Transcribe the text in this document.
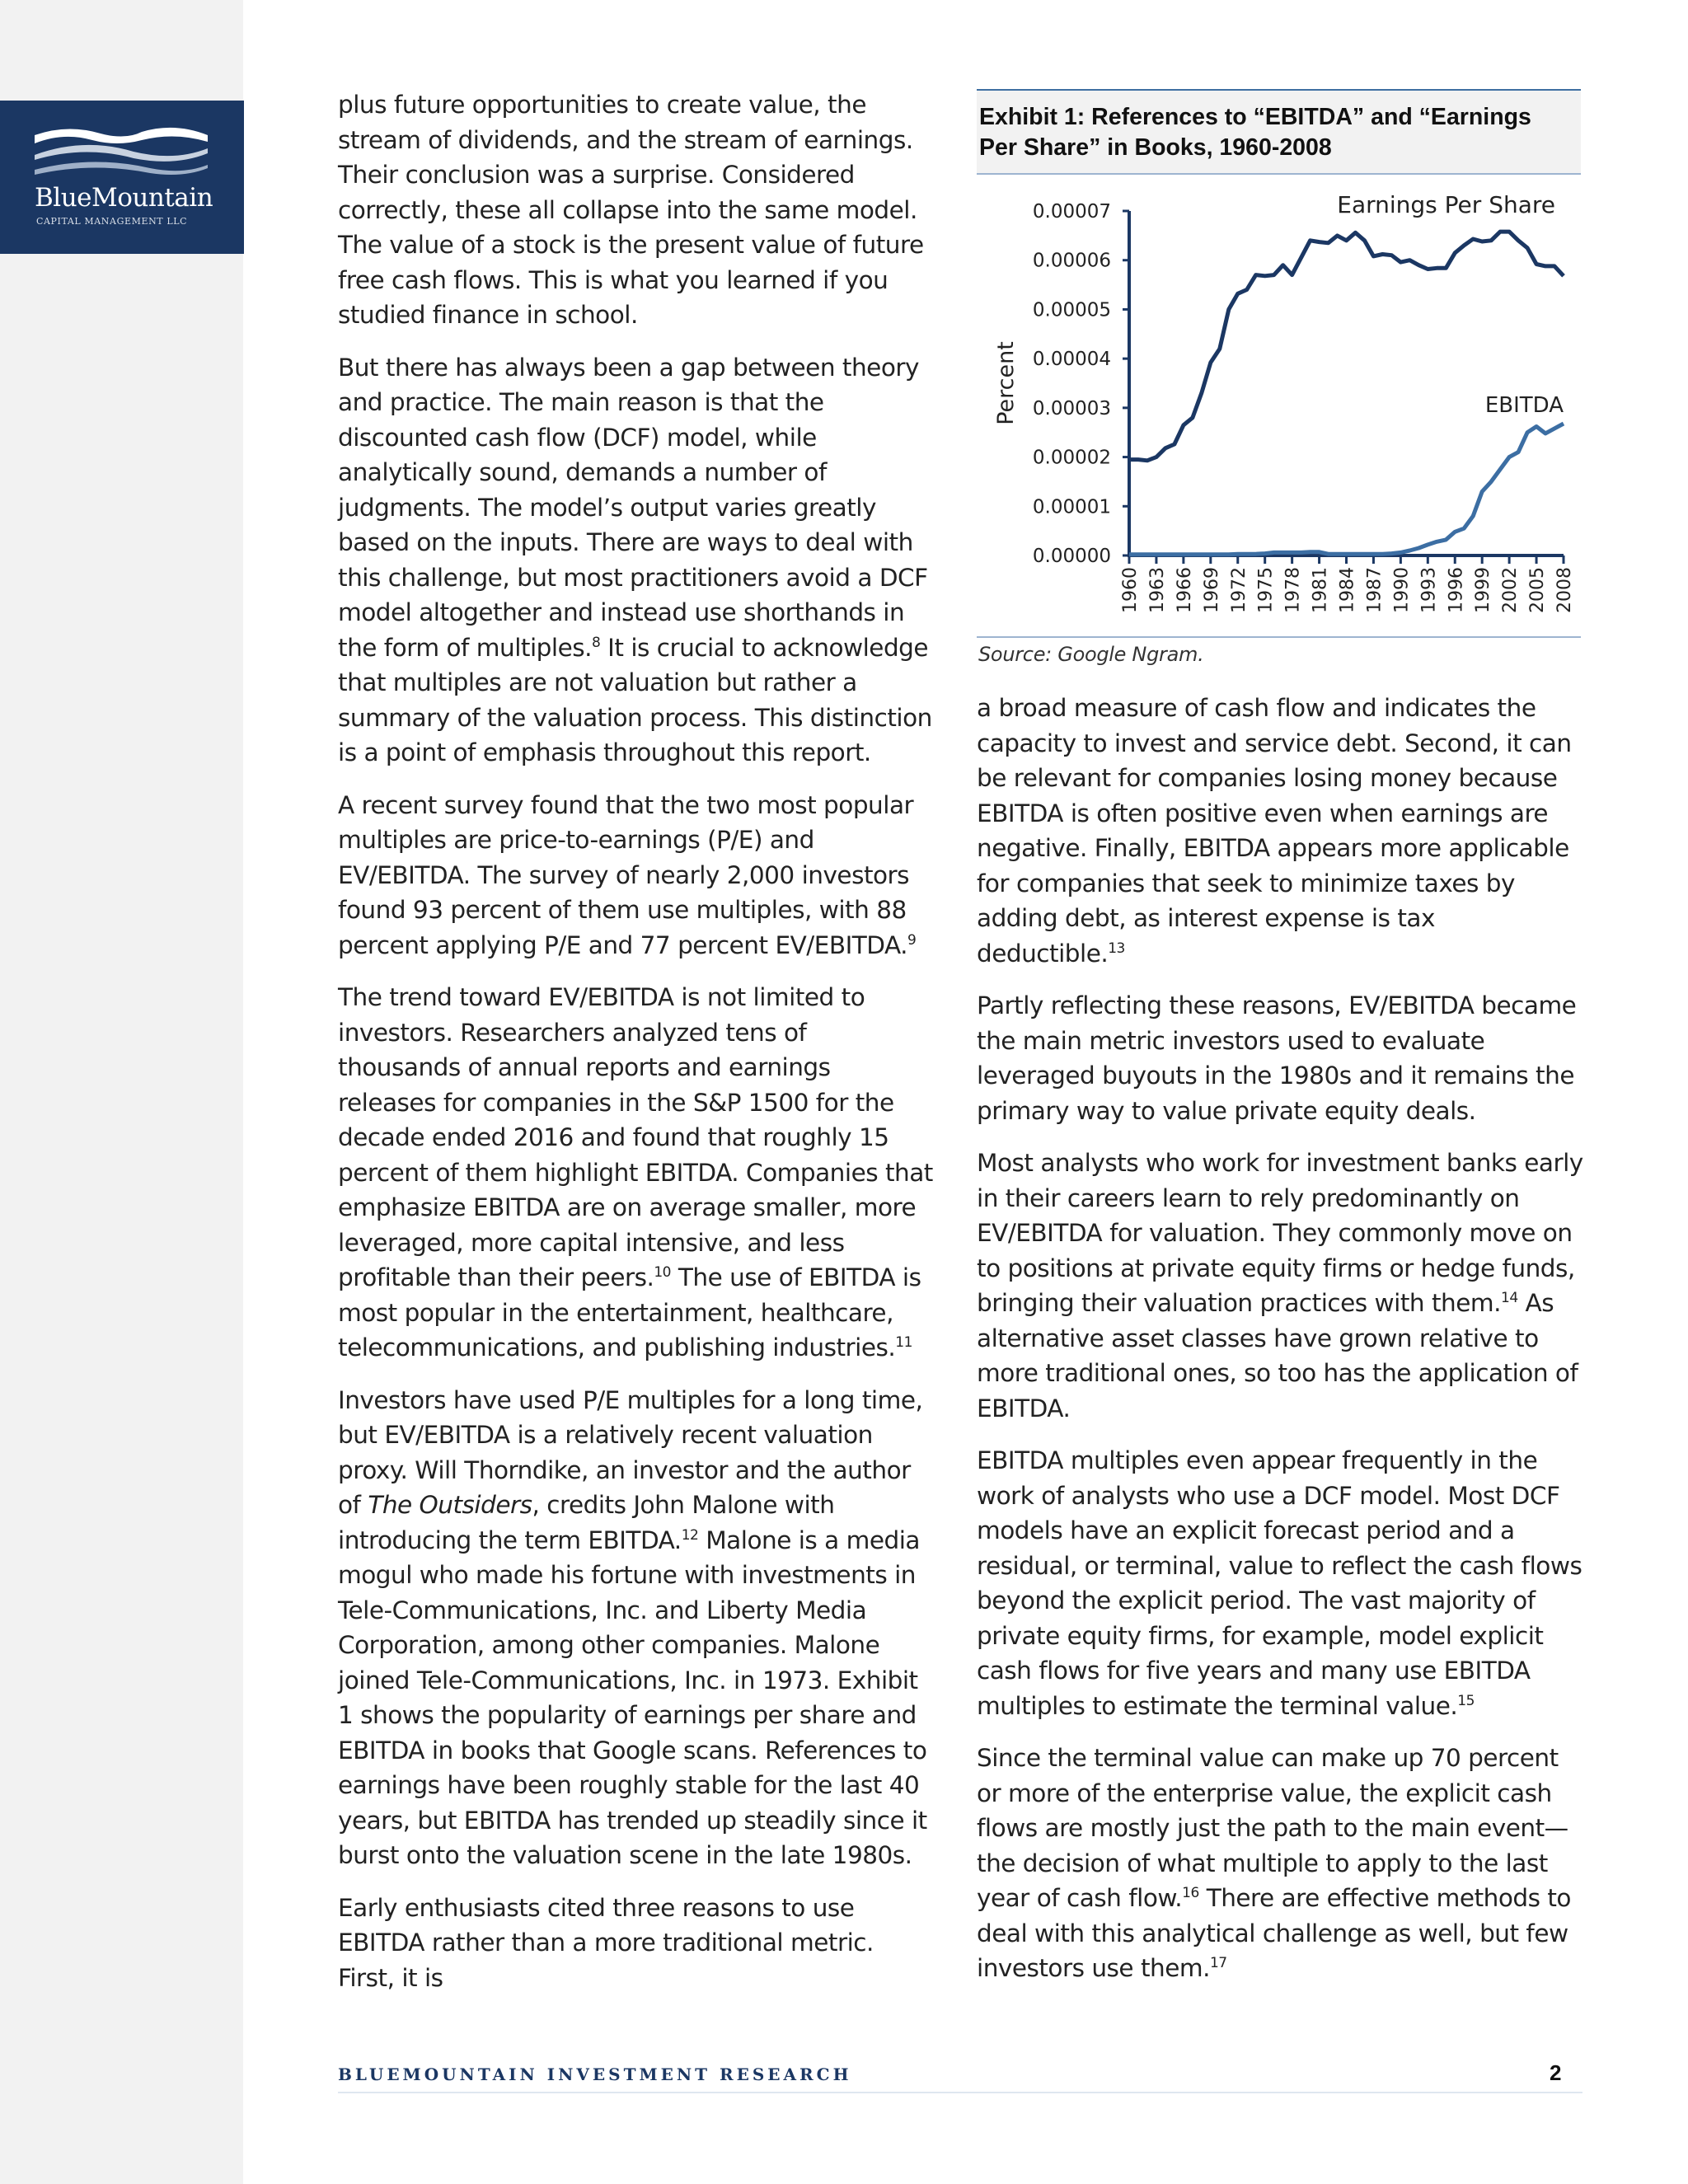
BlueMountain
CAPITAL MANAGEMENT LLC

plus future opportunities to create value, the stream of dividends, and the stream of earnings. Their conclusion was a surprise. Considered correctly, these all collapse into the same model. The value of a stock is the present value of future free cash flows. This is what you learned if you studied finance in school.

But there has always been a gap between theory and practice. The main reason is that the discounted cash flow (DCF) model, while analytically sound, demands a number of judgments. The model’s output varies greatly based on the inputs. There are ways to deal with this challenge, but most practitioners avoid a DCF model altogether and instead use shorthands in the form of multiples.$^8$ It is crucial to acknowledge that multiples are not valuation but rather a summary of the valuation process. This distinction is a point of emphasis throughout this report.

A recent survey found that the two most popular multiples are price-to-earnings (P/E) and EV/EBITDA. The survey of nearly 2,000 investors found 93 percent of them use multiples, with 88 percent applying P/E and 77 percent EV/EBITDA.$^9$

The trend toward EV/EBITDA is not limited to investors. Researchers analyzed tens of thousands of annual reports and earnings releases for companies in the S&P 1500 for the decade ended 2016 and found that roughly 15 percent of them highlight EBITDA. Companies that emphasize EBITDA are on average smaller, more leveraged, more capital intensive, and less profitable than their peers.$^{10}$ The use of EBITDA is most popular in the entertainment, healthcare, telecommunications, and publishing industries.$^{11}$

Investors have used P/E multiples for a long time, but EV/EBITDA is a relatively recent valuation proxy. Will Thorndike, an investor and the author of The Outsiders, credits John Malone with introducing the term EBITDA.$^{12}$ Malone is a media mogul who made his fortune with investments in Tele-Communications, Inc. and Liberty Media Corporation, among other companies. Malone joined Tele-Communications, Inc. in 1973. Exhibit 1 shows the popularity of earnings per share and EBITDA in books that Google scans. References to earnings have been roughly stable for the last 40 years, but EBITDA has trended up steadily since it burst onto the valuation scene in the late 1980s.

Early enthusiasts cited three reasons to use EBITDA rather than a more traditional metric. First, it is

Exhibit 1: References to “EBITDA” and “Earnings
Per Share” in Books, 1960-2008
0.00000
0.00001
0.00002
0.00003
0.00004
0.00005
0.00006
0.00007
1960 1963 1966 1969 1972 1975 1978 1981 1984 1987 1990 1993 1996 1999 2002 2005 2008
Percent
Earnings Per Share
EBITDA
Source: Google Ngram.

a broad measure of cash flow and indicates the capacity to invest and service debt. Second, it can be relevant for companies losing money because EBITDA is often positive even when earnings are negative. Finally, EBITDA appears more applicable for companies that seek to minimize taxes by adding debt, as interest expense is tax deductible.$^{13}$

Partly reflecting these reasons, EV/EBITDA became the main metric investors used to evaluate leveraged buyouts in the 1980s and it remains the primary way to value private equity deals.

Most analysts who work for investment banks early in their careers learn to rely predominantly on EV/EBITDA for valuation. They commonly move on to positions at private equity firms or hedge funds, bringing their valuation practices with them.$^{14}$ As alternative asset classes have grown relative to more traditional ones, so too has the application of EBITDA.

EBITDA multiples even appear frequently in the work of analysts who use a DCF model. Most DCF models have an explicit forecast period and a residual, or terminal, value to reflect the cash flows beyond the explicit period. The vast majority of private equity firms, for example, model explicit cash flows for five years and many use EBITDA multiples to estimate the terminal value.$^{15}$

Since the terminal value can make up 70 percent or more of the enterprise value, the explicit cash flows are mostly just the path to the main event—the decision of what multiple to apply to the last year of cash flow.$^{16}$ There are effective methods to deal with this analytical challenge as well, but few investors use them.$^{17}$

BLUEMOUNTAIN INVESTMENT RESEARCH	2
